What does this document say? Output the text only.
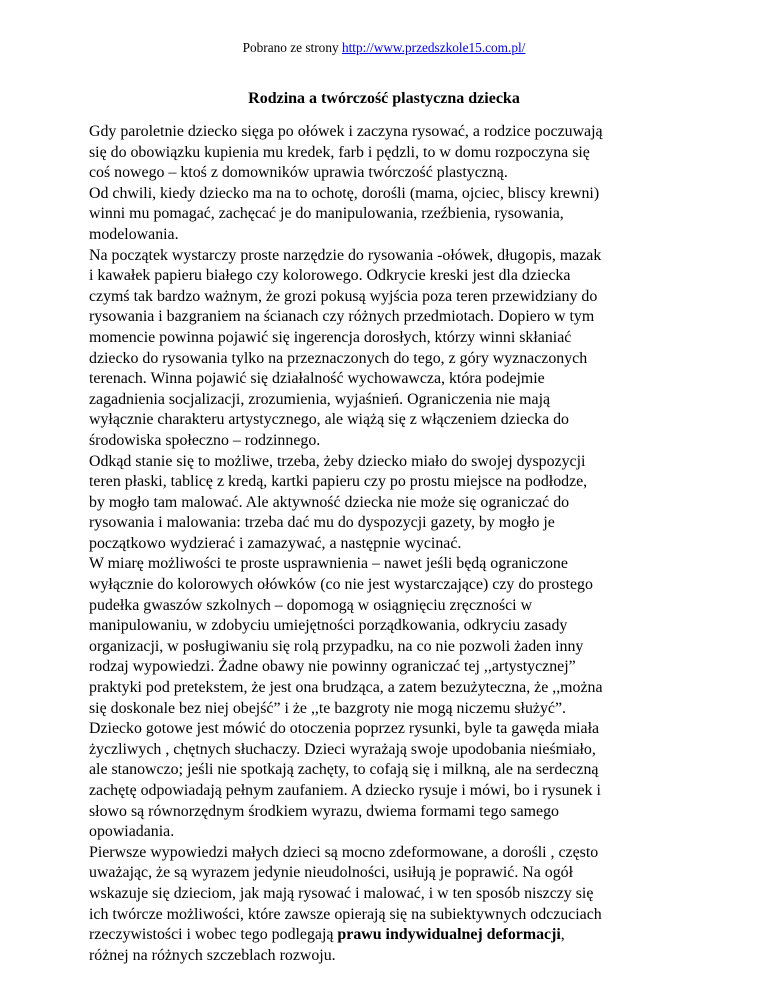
Pobrano ze strony http://www.przedszkole15.com.pl/
Rodzina a twórczość plastyczna dziecka
Gdy paroletnie dziecko sięga po ołówek i zaczyna rysować, a rodzice poczuwają
się do obowiązku kupienia mu kredek, farb i pędzli, to w domu rozpoczyna się
coś nowego – ktoś z domowników uprawia twórczość plastyczną.
Od chwili, kiedy dziecko ma na to ochotę, dorośli (mama, ojciec, bliscy krewni)
winni mu pomagać, zachęcać je do manipulowania, rzeźbienia, rysowania,
modelowania.
Na początek wystarczy proste narzędzie do rysowania -ołówek, długopis, mazak
i kawałek papieru białego czy kolorowego. Odkrycie kreski jest dla dziecka
czymś tak bardzo ważnym, że grozi pokusą wyjścia poza teren przewidziany do
rysowania i bazgraniem na ścianach czy różnych przedmiotach. Dopiero w tym
momencie powinna pojawić się ingerencja dorosłych, którzy winni skłaniać
dziecko do rysowania tylko na przeznaczonych do tego, z góry wyznaczonych
terenach. Winna pojawić się działalność wychowawcza, która podejmie
zagadnienia socjalizacji, zrozumienia, wyjaśnień. Ograniczenia nie mają
wyłącznie charakteru artystycznego, ale wiążą się z włączeniem dziecka do
środowiska społeczno – rodzinnego.
Odkąd stanie się to możliwe, trzeba, żeby dziecko miało do swojej dyspozycji
teren płaski, tablicę z kredą, kartki papieru czy po prostu miejsce na podłodze,
by mogło tam malować. Ale aktywność dziecka nie może się ograniczać do
rysowania i malowania: trzeba dać mu do dyspozycji gazety, by mogło je
początkowo wydzierać i zamazywać, a następnie wycinać.
W miarę możliwości te proste usprawnienia – nawet jeśli będą ograniczone
wyłącznie do kolorowych ołówków (co nie jest wystarczające) czy do prostego
pudełka gwaszów szkolnych – dopomogą w osiągnięciu zręczności w
manipulowaniu, w zdobyciu umiejętności porządkowania, odkryciu zasady
organizacji, w posługiwaniu się rolą przypadku, na co nie pozwoli żaden inny
rodzaj wypowiedzi. Żadne obawy nie powinny ograniczać tej ,,artystycznej”
praktyki pod pretekstem, że jest ona brudząca, a zatem bezużyteczna, że ,,można
się doskonale bez niej obejść” i że ,,te bazgroty nie mogą niczemu służyć”.
Dziecko gotowe jest mówić do otoczenia poprzez rysunki, byle ta gawęda miała
życzliwych , chętnych słuchaczy. Dzieci wyrażają swoje upodobania nieśmiało,
ale stanowczo; jeśli nie spotkają zachęty, to cofają się i milkną, ale na serdeczną
zachętę odpowiadają pełnym zaufaniem. A dziecko rysuje i mówi, bo i rysunek i
słowo są równorzędnym środkiem wyrazu, dwiema formami tego samego
opowiadania.
Pierwsze wypowiedzi małych dzieci są mocno zdeformowane, a dorośli , często
uważając, że są wyrazem jedynie nieudolności, usiłują je poprawić. Na ogół
wskazuje się dzieciom, jak mają rysować i malować, i w ten sposób niszczy się
ich twórcze możliwości, które zawsze opierają się na subiektywnych odczuciach
rzeczywistości i wobec tego podlegają prawu indywidualnej deformacji,
różnej na różnych szczeblach rozwoju.
